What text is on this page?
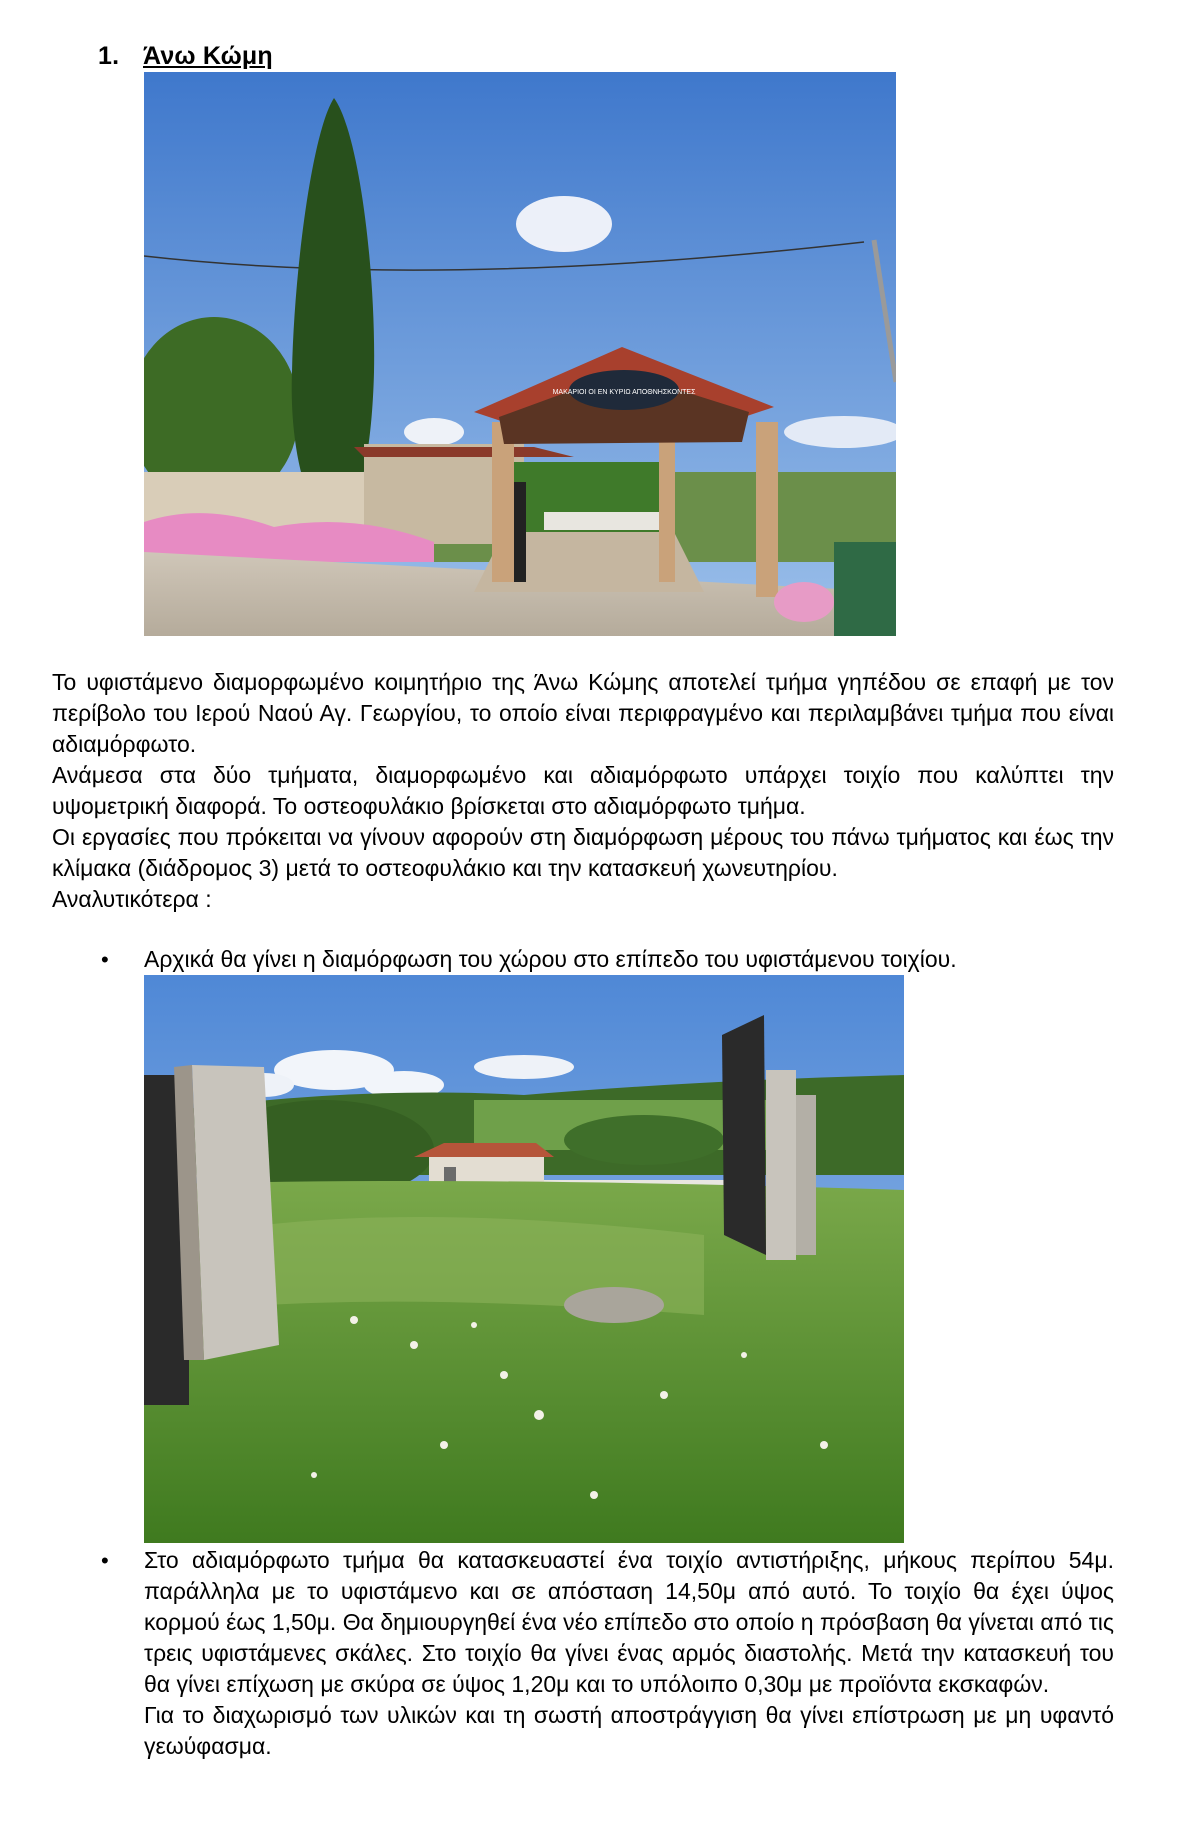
1. Άνω Κώμη
ΜΑΚΑΡΙΟΙ ΟΙ ΕΝ ΚΥΡΙΩ ΑΠΟΘΝΗΣΚΟΝΤΕΣ

Το υφιστάμενο διαμορφωμένο κοιμητήριο της Άνω Κώμης αποτελεί τμήμα γηπέδου σε επαφή με τον περίβολο του Ιερού Ναού Αγ. Γεωργίου, το οποίο είναι περιφραγμένο και περιλαμβάνει τμήμα που είναι αδιαμόρφωτο.

Ανάμεσα στα δύο τμήματα, διαμορφωμένο και αδιαμόρφωτο υπάρχει τοιχίο που καλύπτει την υψομετρική διαφορά. Το οστεοφυλάκιο βρίσκεται στο αδιαμόρφωτο τμήμα.

Οι εργασίες που πρόκειται να γίνουν αφορούν στη διαμόρφωση μέρους του πάνω τμήματος και έως την κλίμακα (διάδρομος 3) μετά το οστεοφυλάκιο και την κατασκευή χωνευτηρίου.

Αναλυτικότερα :

• Αρχικά θα γίνει η διαμόρφωση του χώρου στο επίπεδο του υφιστάμενου τοιχίου.

• Στο αδιαμόρφωτο τμήμα θα κατασκευαστεί ένα τοιχίο αντιστήριξης, μήκους περίπου 54μ. παράλληλα με το υφιστάμενο και σε απόσταση 14,50μ από αυτό. Το τοιχίο θα έχει ύψος κορμού έως 1,50μ. Θα δημιουργηθεί ένα νέο επίπεδο στο οποίο η πρόσβαση θα γίνεται από τις τρεις υφιστάμενες σκάλες. Στο τοιχίο θα γίνει ένας αρμός διαστολής. Μετά την κατασκευή του θα γίνει επίχωση με σκύρα σε ύψος 1,20μ και το υπόλοιπο 0,30μ με προϊόντα εκσκαφών.

Για το διαχωρισμό των υλικών και τη σωστή αποστράγγιση θα γίνει επίστρωση με μη υφαντό γεωύφασμα.
